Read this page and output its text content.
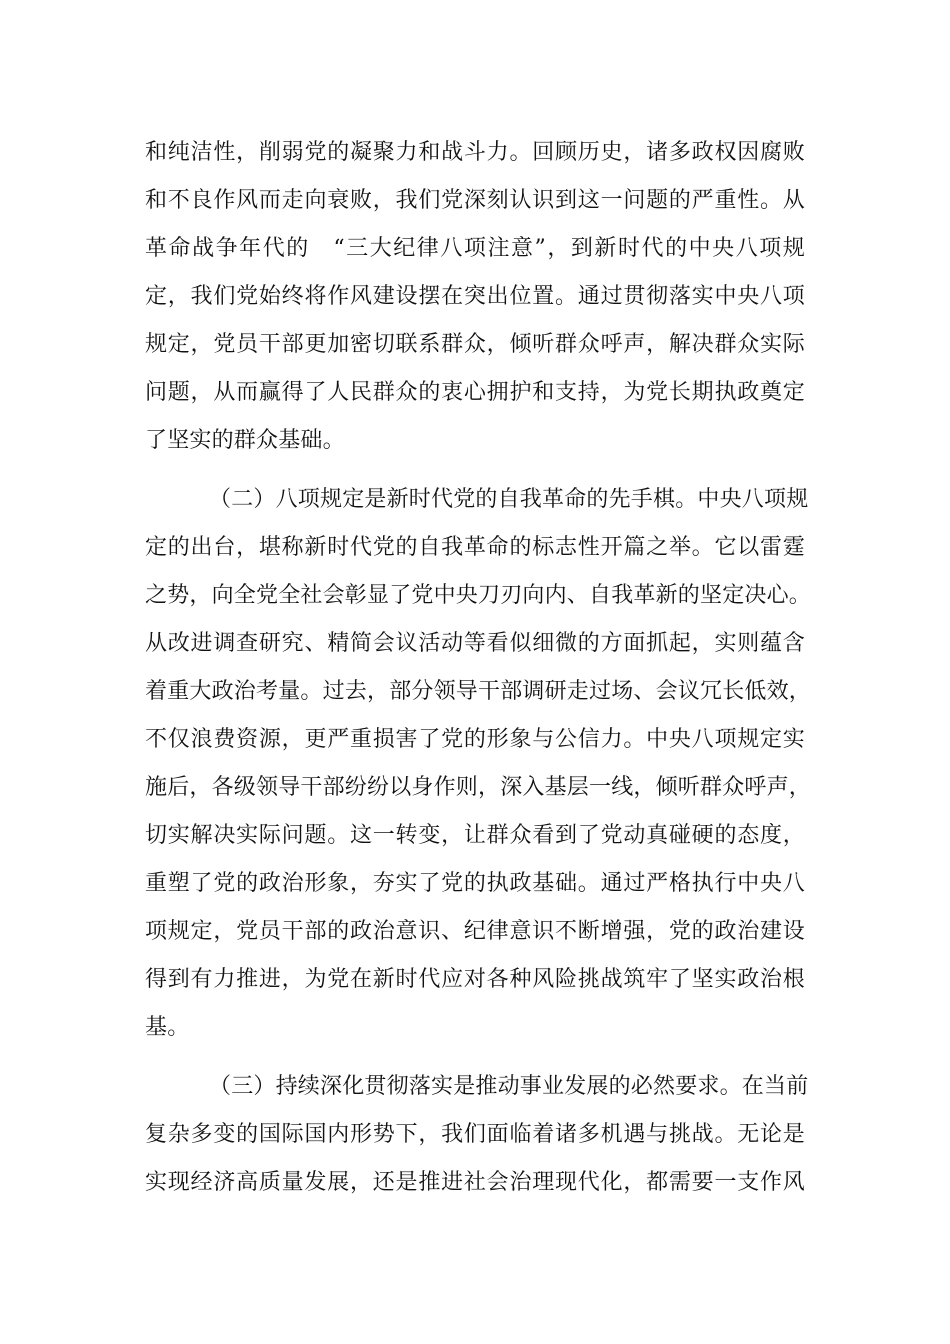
和纯洁性，削弱党的凝聚力和战斗力。回顾历史，诸多政权因腐败
和不良作风而走向衰败，我们党深刻认识到这一问题的严重性。从
革命战争年代的　“三大纪律八项注意”，到新时代的中央八项规
定，我们党始终将作风建设摆在突出位置。通过贯彻落实中央八项
规定，党员干部更加密切联系群众，倾听群众呼声，解决群众实际
问题，从而赢得了人民群众的衷心拥护和支持，为党长期执政奠定
了坚实的群众基础。
（二）八项规定是新时代党的自我革命的先手棋。中央八项规
定的出台，堪称新时代党的自我革命的标志性开篇之举。它以雷霆
之势，向全党全社会彰显了党中央刀刃向内、自我革新的坚定决心。
从改进调查研究、精简会议活动等看似细微的方面抓起，实则蕴含
着重大政治考量。过去，部分领导干部调研走过场、会议冗长低效，
不仅浪费资源，更严重损害了党的形象与公信力。中央八项规定实
施后，各级领导干部纷纷以身作则，深入基层一线，倾听群众呼声，
切实解决实际问题。这一转变，让群众看到了党动真碰硬的态度，
重塑了党的政治形象，夯实了党的执政基础。通过严格执行中央八
项规定，党员干部的政治意识、纪律意识不断增强，党的政治建设
得到有力推进，为党在新时代应对各种风险挑战筑牢了坚实政治根
基。
（三）持续深化贯彻落实是推动事业发展的必然要求。在当前
复杂多变的国际国内形势下，我们面临着诸多机遇与挑战。无论是
实现经济高质量发展，还是推进社会治理现代化，都需要一支作风
